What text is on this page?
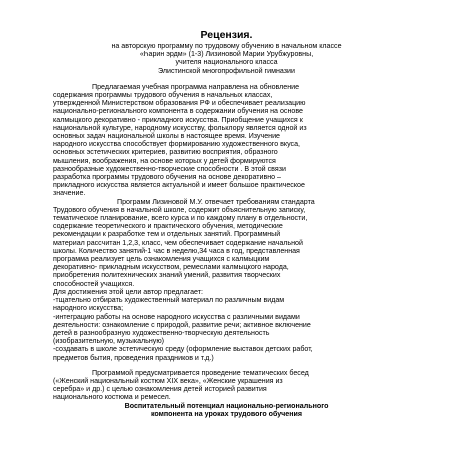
Рецензия.

на авторскую программу по трудовому обучению в начальном классе

«Һарин эрдм» (1-3) Лизиновой Марии Урубжуровны,

учителя национального класса

Элистинской многопрофильной гимназии

Предлагаемая учебная программа направлена на обновление

содержания программы трудового обучения в начальных классах,

утвержденной Министерством образования РФ и обеспечивает реализацию

национально-регионального компонента в содержании обучения на основе

калмыцкого декоративно - прикладного искусства. Приобщение учащихся к

национальной культуре, народному искусству, фольклору является одной из

основных задач национальной школы в настоящее время. Изучение

народного искусства способствует формированию художественного вкуса,

основных эстетических критериев, развитию восприятия, образного

мышления, воображения, на основе которых у детей формируются

разнообразные художественно-творческие способности . В этой связи

разработка программы трудового обучения на основе декоративно –

прикладного искусства является актуальной и имеет большое практическое

значение.

Программ Лизиновой М.У. отвечает требованиям стандарта

Трудового обучения в начальной школе, содержит объяснительную записку,

тематическое планирование, всего курса и по каждому плану в отдельности,

содержание теоретического и практического обучения, методические

рекомендации к разработке тем и отдельных занятий. Программный

материал рассчитан 1,2,3, класс, чем обеспечивает содержание начальной

школы. Количество занятий-1 час в неделю,34 часа в год, представленная

программа реализует цель ознакомления учащихся с калмыцким

декоративно- прикладным искусством, ремеслами калмыцкого народа,

приобретения политехнических знаний умений, развития творческих

способностей учащихся.

Для достижения этой цели автор предлагает:

-тщательно отбирать художественный материал по различным видам

народного искусства;

-интеграцию работы на основе народного искусства с различными видами

деятельности: ознакомление с природой, развитие речи; активное включение

детей в разнообразную художественно-творческую деятельность

(изобразительную, музыкальную)

-создавать в школе эстетическую среду (оформление выставок детских работ,

предметов бытия, проведения праздников и т.д.)

Программой предусматривается проведение тематических бесед

(«Женский национальный костюм XIX века», «Женские украшения из

серебра» и др.) с целью ознакомления детей историей развития

национального костюма и ремесел.

Воспитательный потенциал национально-регионального

компонента на уроках трудового обучения
